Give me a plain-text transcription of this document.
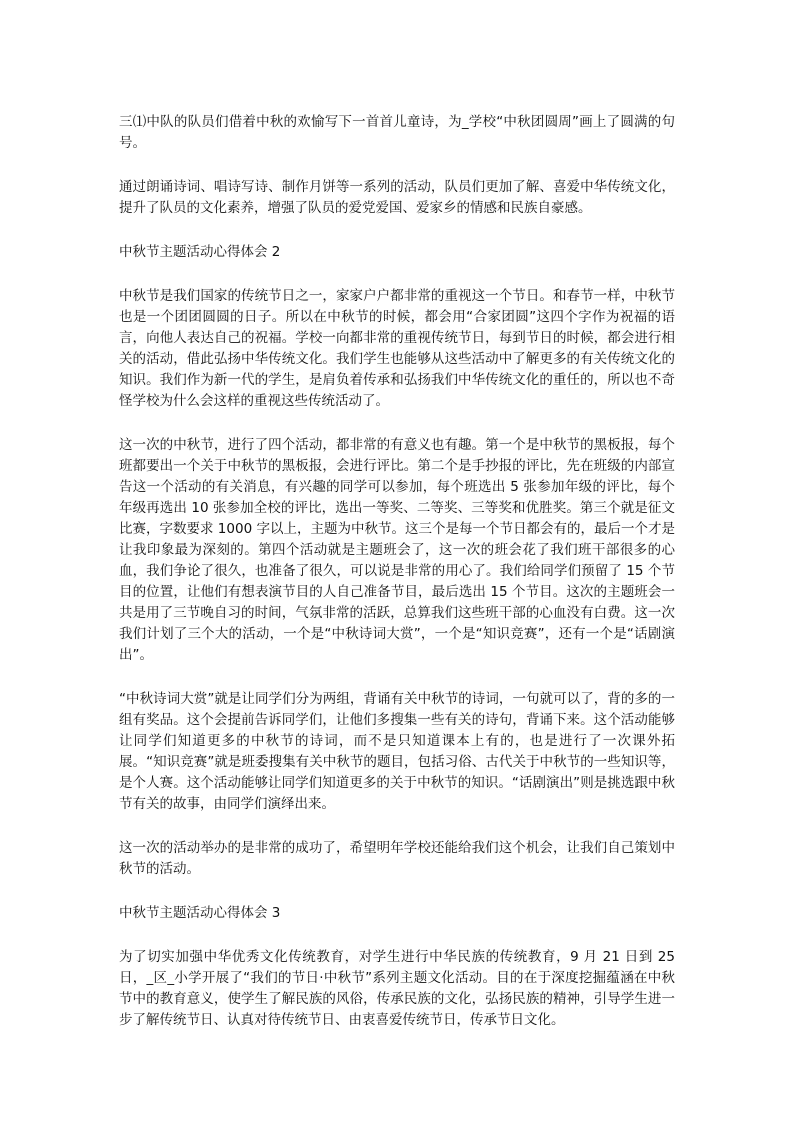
三⑴中队的队员们借着中秋的欢愉写下一首首儿童诗，为_学校“中秋团圆周”画上了圆满的句号。

通过朗诵诗词、唱诗写诗、制作月饼等一系列的活动，队员们更加了解、喜爱中华传统文化，提升了队员的文化素养，增强了队员的爱党爱国、爱家乡的情感和民族自豪感。

中秋节主题活动心得体会 2

中秋节是我们国家的传统节日之一，家家户户都非常的重视这一个节日。和春节一样，中秋节也是一个团团圆圆的日子。所以在中秋节的时候，都会用“合家团圆”这四个字作为祝福的语言，向他人表达自己的祝福。学校一向都非常的重视传统节日，每到节日的时候，都会进行相关的活动，借此弘扬中华传统文化。我们学生也能够从这些活动中了解更多的有关传统文化的知识。我们作为新一代的学生，是肩负着传承和弘扬我们中华传统文化的重任的，所以也不奇怪学校为什么会这样的重视这些传统活动了。

这一次的中秋节，进行了四个活动，都非常的有意义也有趣。第一个是中秋节的黑板报，每个班都要出一个关于中秋节的黑板报，会进行评比。第二个是手抄报的评比，先在班级的内部宣告这一个活动的有关消息，有兴趣的同学可以参加，每个班选出 5 张参加年级的评比，每个年级再选出 10 张参加全校的评比，选出一等奖、二等奖、三等奖和优胜奖。第三个就是征文比赛，字数要求 1000 字以上，主题为中秋节。这三个是每一个节日都会有的，最后一个才是让我印象最为深刻的。第四个活动就是主题班会了，这一次的班会花了我们班干部很多的心血，我们争论了很久，也准备了很久，可以说是非常的用心了。我们给同学们预留了 15 个节目的位置，让他们有想表演节目的人自己准备节目，最后选出 15 个节目。这次的主题班会一共是用了三节晚自习的时间，气氛非常的活跃，总算我们这些班干部的心血没有白费。这一次我们计划了三个大的活动，一个是“中秋诗词大赏”，一个是“知识竞赛”，还有一个是“话剧演出”。

“中秋诗词大赏”就是让同学们分为两组，背诵有关中秋节的诗词，一句就可以了，背的多的一组有奖品。这个会提前告诉同学们，让他们多搜集一些有关的诗句，背诵下来。这个活动能够让同学们知道更多的中秋节的诗词，而不是只知道课本上有的，也是进行了一次课外拓展。“知识竞赛”就是班委搜集有关中秋节的题目，包括习俗、古代关于中秋节的一些知识等，是个人赛。这个活动能够让同学们知道更多的关于中秋节的知识。“话剧演出”则是挑选跟中秋节有关的故事，由同学们演绎出来。

这一次的活动举办的是非常的成功了，希望明年学校还能给我们这个机会，让我们自己策划中秋节的活动。

中秋节主题活动心得体会 3

为了切实加强中华优秀文化传统教育，对学生进行中华民族的传统教育，9 月 21 日到 25 日，_区_小学开展了“我们的节日·中秋节”系列主题文化活动。目的在于深度挖掘蕴涵在中秋节中的教育意义，使学生了解民族的风俗，传承民族的文化，弘扬民族的精神，引导学生进一步了解传统节日、认真对待传统节日、由衷喜爱传统节日，传承节日文化。
